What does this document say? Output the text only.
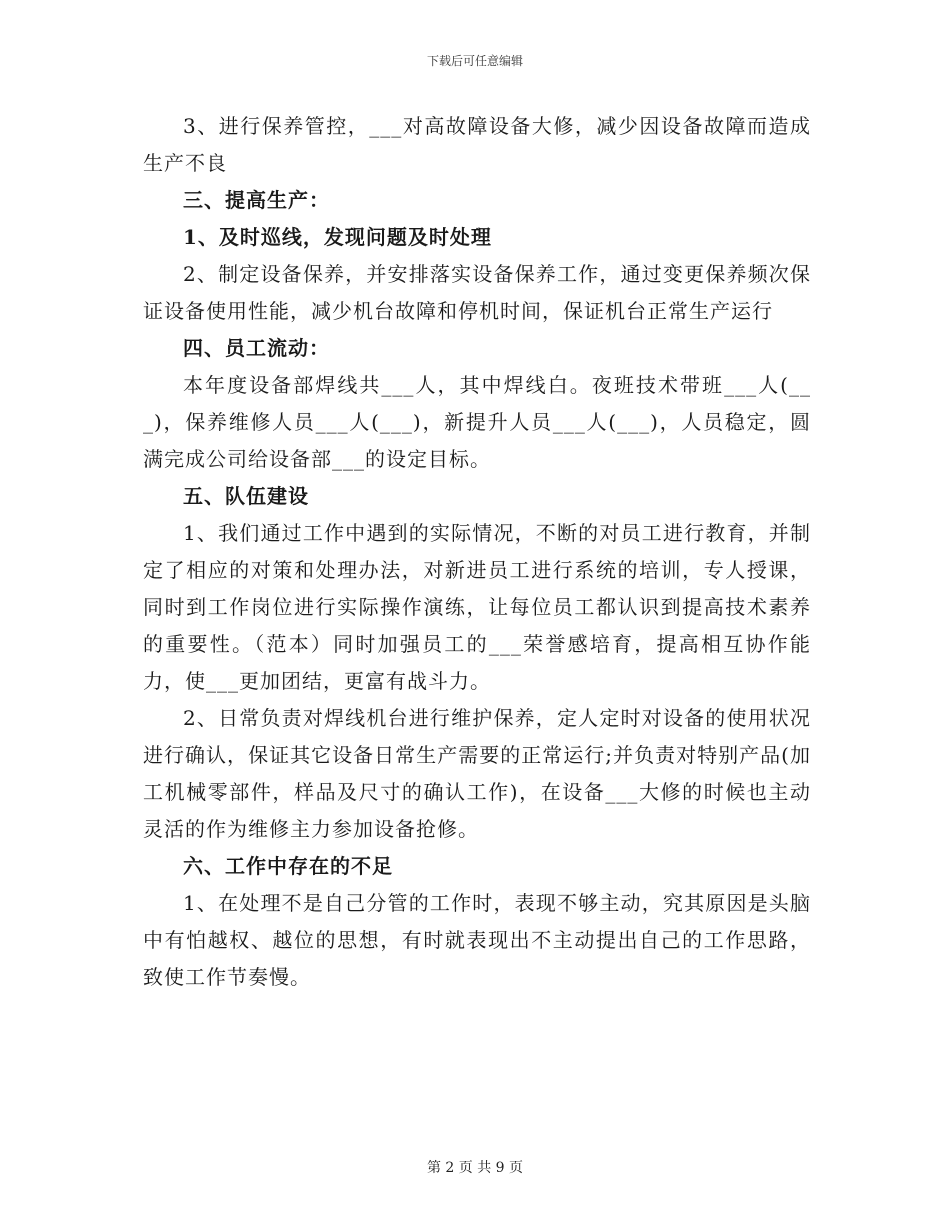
下载后可任意编辑

3、进行保养管控，___对高故障设备大修，减少因设备故障而造成生产不良

三、提高生产：

1、及时巡线，发现问题及时处理

2、制定设备保养，并安排落实设备保养工作，通过变更保养频次保证设备使用性能，减少机台故障和停机时间，保证机台正常生产运行

四、员工流动：

本年度设备部焊线共___人，其中焊线白。夜班技术带班___人(___)，保养维修人员___人(___)，新提升人员___人(___)，人员稳定，圆满完成公司给设备部___的设定目标。

五、队伍建设

1、我们通过工作中遇到的实际情况，不断的对员工进行教育，并制定了相应的对策和处理办法，对新进员工进行系统的培训，专人授课，同时到工作岗位进行实际操作演练，让每位员工都认识到提高技术素养的重要性。（范本）同时加强员工的___荣誉感培育，提高相互协作能力，使___更加团结，更富有战斗力。

2、日常负责对焊线机台进行维护保养，定人定时对设备的使用状况进行确认，保证其它设备日常生产需要的正常运行;并负责对特别产品(加工机械零部件，样品及尺寸的确认工作)，在设备___大修的时候也主动灵活的作为维修主力参加设备抢修。

六、工作中存在的不足

1、在处理不是自己分管的工作时，表现不够主动，究其原因是头脑中有怕越权、越位的思想，有时就表现出不主动提出自己的工作思路，致使工作节奏慢。

第 2 页 共 9 页
